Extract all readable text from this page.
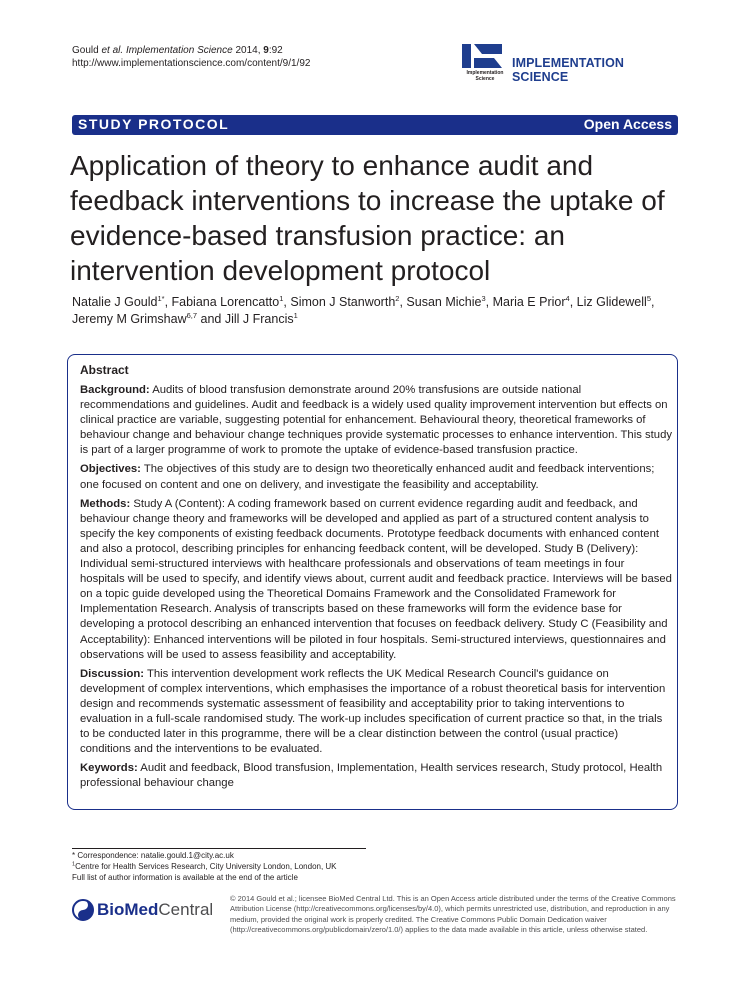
Gould et al. Implementation Science 2014, 9:92
http://www.implementationscience.com/content/9/1/92
Implementation Science
IMPLEMENTATION SCIENCE
STUDY PROTOCOL	Open Access
Application of theory to enhance audit and feedback interventions to increase the uptake of evidence-based transfusion practice: an intervention development protocol
Natalie J Gould$^{1*}$, Fabiana Lorencatto$^1$, Simon J Stanworth$^2$, Susan Michie$^3$, Maria E Prior$^4$, Liz Glidewell$^5$,
Jeremy M Grimshaw$^{6,7}$ and Jill J Francis$^1$
Abstract

Background: Audits of blood transfusion demonstrate around 20% transfusions are outside national recommendations and guidelines. Audit and feedback is a widely used quality improvement intervention but effects on clinical practice are variable, suggesting potential for enhancement. Behavioural theory, theoretical frameworks of behaviour change and behaviour change techniques provide systematic processes to enhance intervention. This study is part of a larger programme of work to promote the uptake of evidence-based transfusion practice.

Objectives: The objectives of this study are to design two theoretically enhanced audit and feedback interventions; one focused on content and one on delivery, and investigate the feasibility and acceptability.

Methods: Study A (Content): A coding framework based on current evidence regarding audit and feedback, and behaviour change theory and frameworks will be developed and applied as part of a structured content analysis to specify the key components of existing feedback documents. Prototype feedback documents with enhanced content and also a protocol, describing principles for enhancing feedback content, will be developed. Study B (Delivery): Individual semi-structured interviews with healthcare professionals and observations of team meetings in four hospitals will be used to specify, and identify views about, current audit and feedback practice. Interviews will be based on a topic guide developed using the Theoretical Domains Framework and the Consolidated Framework for Implementation Research. Analysis of transcripts based on these frameworks will form the evidence base for developing a protocol describing an enhanced intervention that focuses on feedback delivery. Study C (Feasibility and Acceptability): Enhanced interventions will be piloted in four hospitals. Semi-structured interviews, questionnaires and observations will be used to assess feasibility and acceptability.

Discussion: This intervention development work reflects the UK Medical Research Council's guidance on development of complex interventions, which emphasises the importance of a robust theoretical basis for intervention design and recommends systematic assessment of feasibility and acceptability prior to taking interventions to evaluation in a full-scale randomised study. The work-up includes specification of current practice so that, in the trials to be conducted later in this programme, there will be a clear distinction between the control (usual practice) conditions and the interventions to be evaluated.

Keywords: Audit and feedback, Blood transfusion, Implementation, Health services research, Study protocol, Health professional behaviour change

* Correspondence: natalie.gould.1@city.ac.uk
$^1$Centre for Health Services Research, City University London, London, UK
Full list of author information is available at the end of the article
BioMedCentral
© 2014 Gould et al.; licensee BioMed Central Ltd. This is an Open Access article distributed under the terms of the Creative Commons Attribution License (http://creativecommons.org/licenses/by/4.0), which permits unrestricted use, distribution, and reproduction in any medium, provided the original work is properly credited. The Creative Commons Public Domain Dedication waiver (http://creativecommons.org/publicdomain/zero/1.0/) applies to the data made available in this article, unless otherwise stated.
